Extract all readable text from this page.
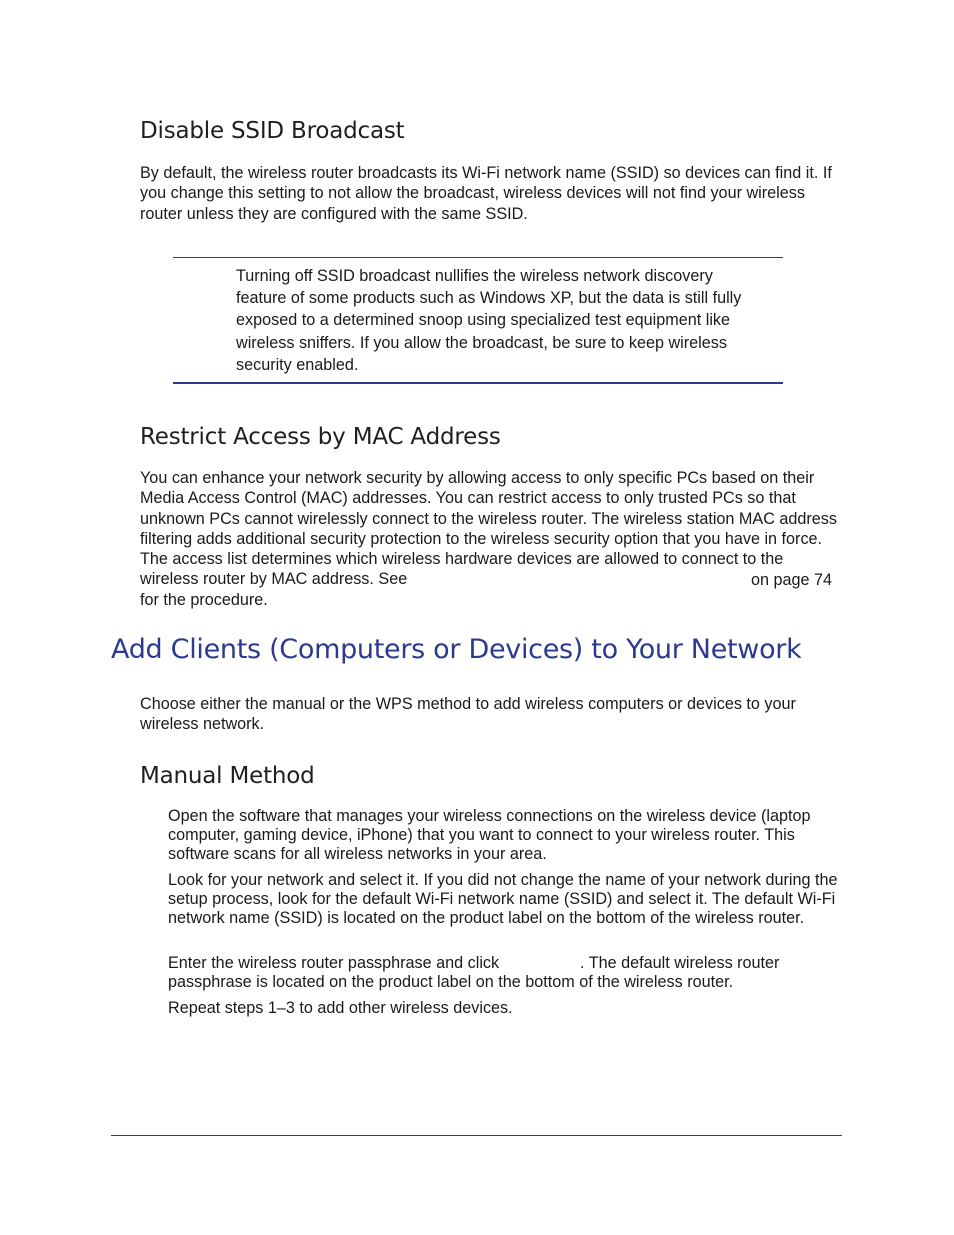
Disable SSID Broadcast
By default, the wireless router broadcasts its Wi-Fi network name (SSID) so devices can find it. If you change this setting to not allow the broadcast, wireless devices will not find your wireless router unless they are configured with the same SSID.
Turning off SSID broadcast nullifies the wireless network discovery feature of some products such as Windows XP, but the data is still fully exposed to a determined snoop using specialized test equipment like wireless sniffers. If you allow the broadcast, be sure to keep wireless security enabled.
Restrict Access by MAC Address
You can enhance your network security by allowing access to only specific PCs based on their Media Access Control (MAC) addresses. You can restrict access to only trusted PCs so that unknown PCs cannot wirelessly connect to the wireless router. The wireless station MAC address filtering adds additional security protection to the wireless security option that you have in force. The access list determines which wireless hardware devices are allowed to connect to the wireless router by MAC address. See	on page 74
for the procedure.
Add Clients (Computers or Devices) to Your Network
Choose either the manual or the WPS method to add wireless computers or devices to your wireless network.
Manual Method
Open the software that manages your wireless connections on the wireless device (laptop computer, gaming device, iPhone) that you want to connect to your wireless router. This software scans for all wireless networks in your area.
Look for your network and select it. If you did not change the name of your network during the setup process, look for the default Wi-Fi network name (SSID) and select it. The default Wi-Fi network name (SSID) is located on the product label on the bottom of the wireless router.
Enter the wireless router passphrase and click	. The default wireless router
passphrase is located on the product label on the bottom of the wireless router.
Repeat steps 1–3 to add other wireless devices.
